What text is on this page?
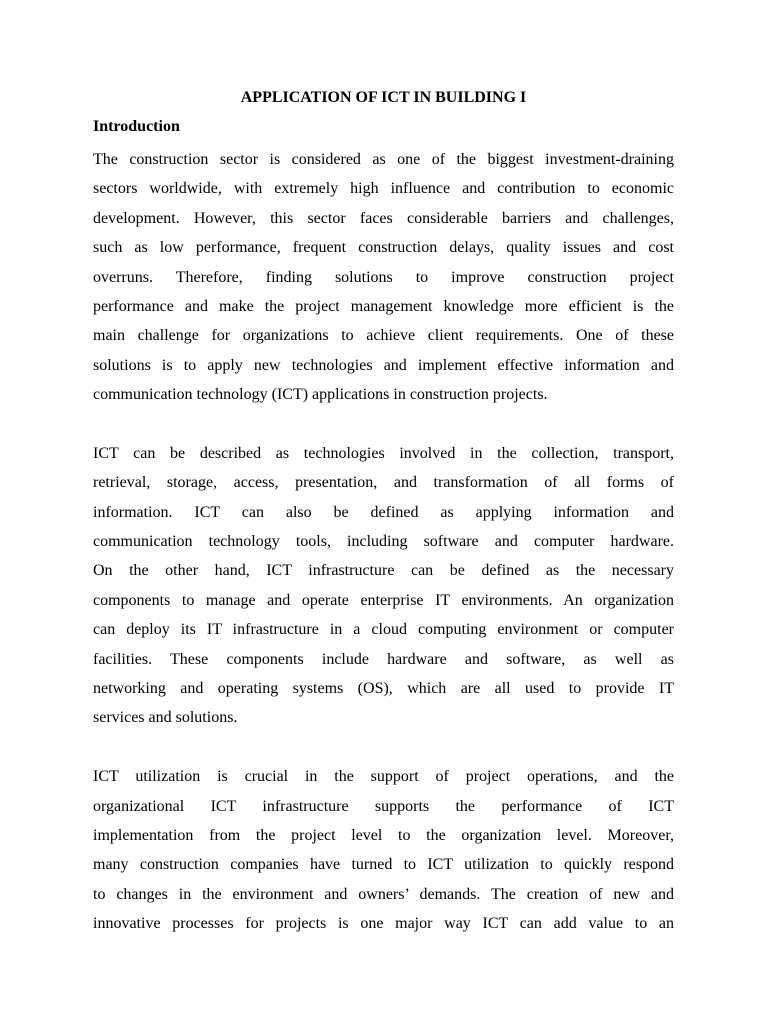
APPLICATION OF ICT IN BUILDING I
Introduction
The construction sector is considered as one of the biggest investment-draining
sectors worldwide, with extremely high influence and contribution to economic
development. However, this sector faces considerable barriers and challenges,
such as low performance, frequent construction delays, quality issues and cost
overruns. Therefore, finding solutions to improve construction project
performance and make the project management knowledge more efficient is the
main challenge for organizations to achieve client requirements. One of these
solutions is to apply new technologies and implement effective information and
communication technology (ICT) applications in construction projects.
ICT can be described as technologies involved in the collection, transport,
retrieval, storage, access, presentation, and transformation of all forms of
information. ICT can also be defined as applying information and
communication technology tools, including software and computer hardware.
On the other hand, ICT infrastructure can be defined as the necessary
components to manage and operate enterprise IT environments. An organization
can deploy its IT infrastructure in a cloud computing environment or computer
facilities. These components include hardware and software, as well as
networking and operating systems (OS), which are all used to provide IT
services and solutions.
ICT utilization is crucial in the support of project operations, and the
organizational ICT infrastructure supports the performance of ICT
implementation from the project level to the organization level. Moreover,
many construction companies have turned to ICT utilization to quickly respond
to changes in the environment and owners’ demands. The creation of new and
innovative processes for projects is one major way ICT can add value to an
